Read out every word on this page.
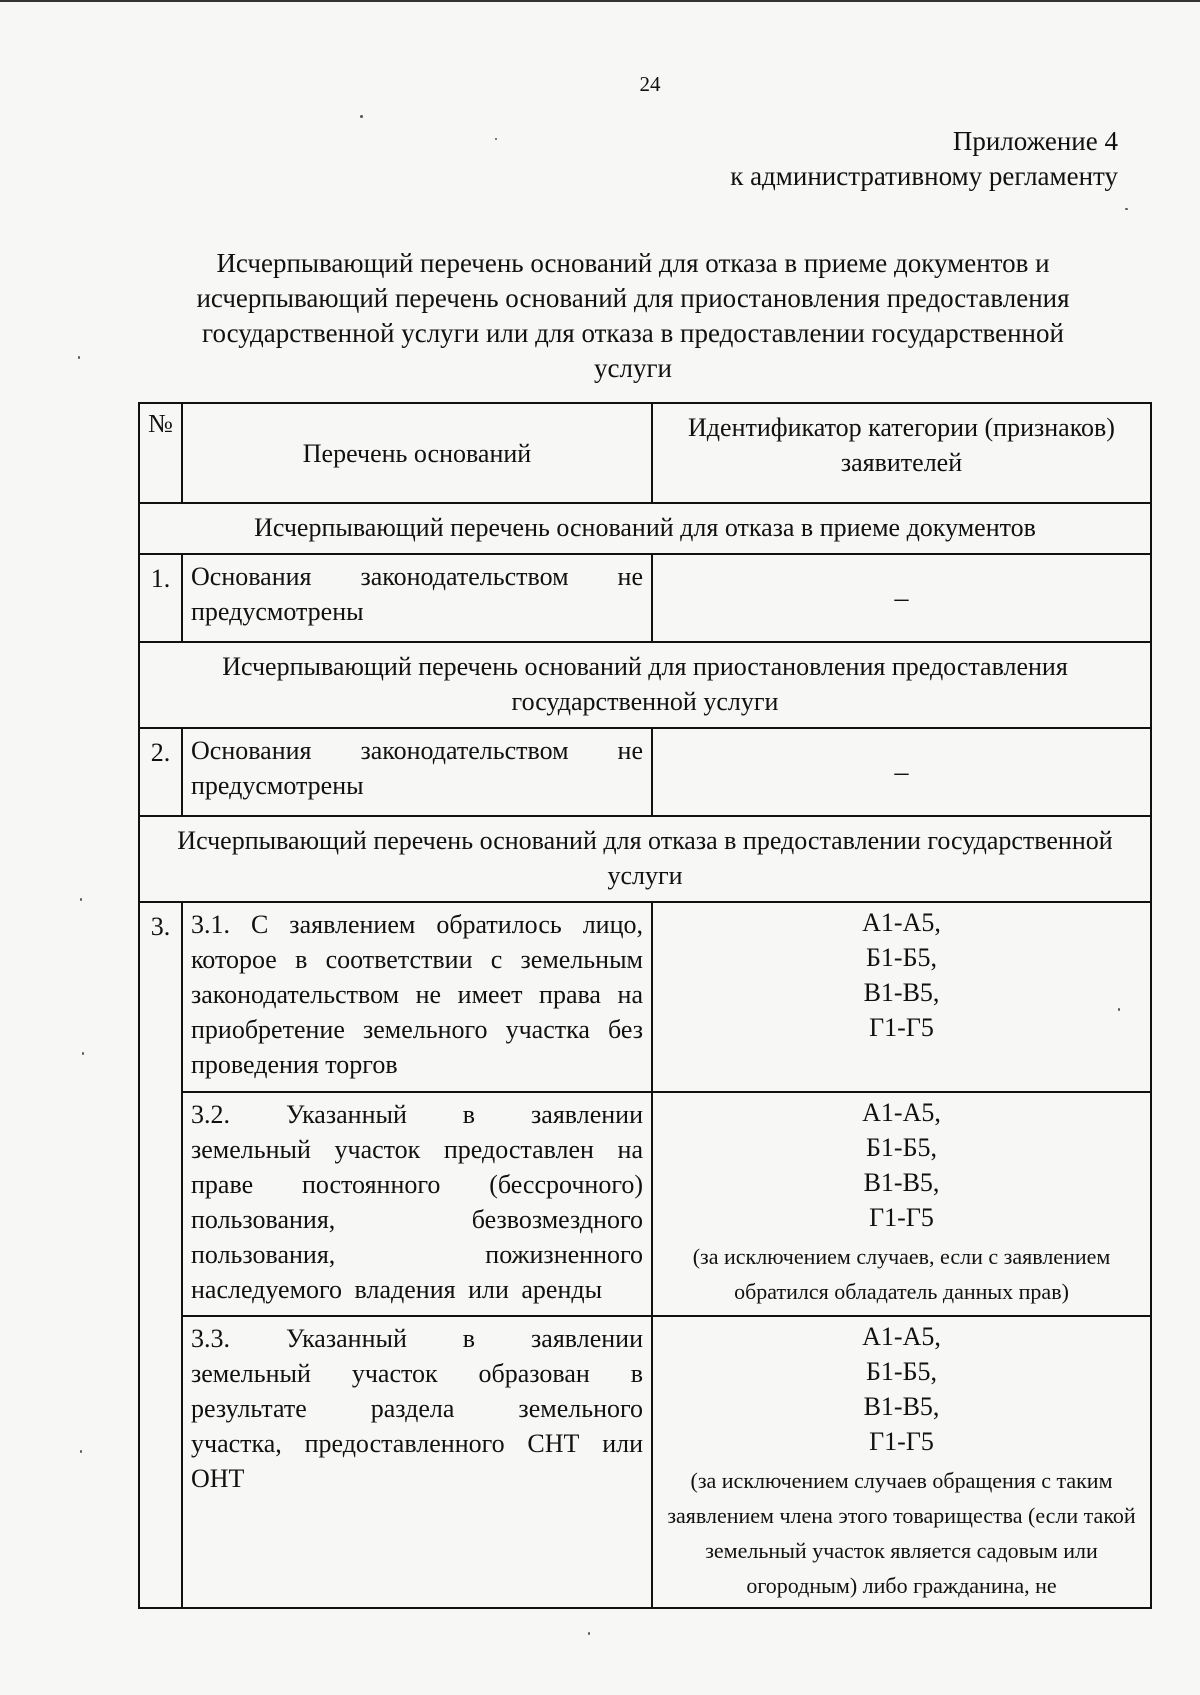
24
Приложение 4
к административному регламенту
Исчерпывающий перечень оснований для отказа в приеме документов и
исчерпывающий перечень оснований для приостановления предоставления
государственной услуги или для отказа в предоставлении государственной
услуги
№	Перечень оснований	Идентификатор категории (признаков) заявителей
Исчерпывающий перечень оснований для отказа в приеме документов		
1.	Основания законодательством не предусмотрены	–
Исчерпывающий перечень оснований для приостановления предоставления государственной услуги		
2.	Основания законодательством не предусмотрены	–
Исчерпывающий перечень оснований для отказа в предоставлении государственной услуги		
3.	3.1. С заявлением обратилось лицо, которое в соответствии с земельным законодательством не имеет права на приобретение земельного участка без проведения торгов	А1-А5,
Б1-Б5,
В1-В5,
Г1-Г5

	3.2. Указанный в заявлении земельный участок предоставлен на праве постоянного (бессрочного) пользования, безвозмездного пользования, пожизненного наследуемого владения или аренды	А1-А5,
Б1-Б5,
В1-В5,
Г1-Г5
(за исключением случаев, если с заявлением обратился обладатель данных прав)

	3.3. Указанный в заявлении земельный участок образован в результате раздела земельного участка, предоставленного СНТ или ОНТ	А1-А5,
Б1-Б5,
В1-В5,
Г1-Г5
(за исключением случаев обращения с таким заявлением члена этого товарищества (если такой земельный участок является садовым или огородным) либо гражданина, не
